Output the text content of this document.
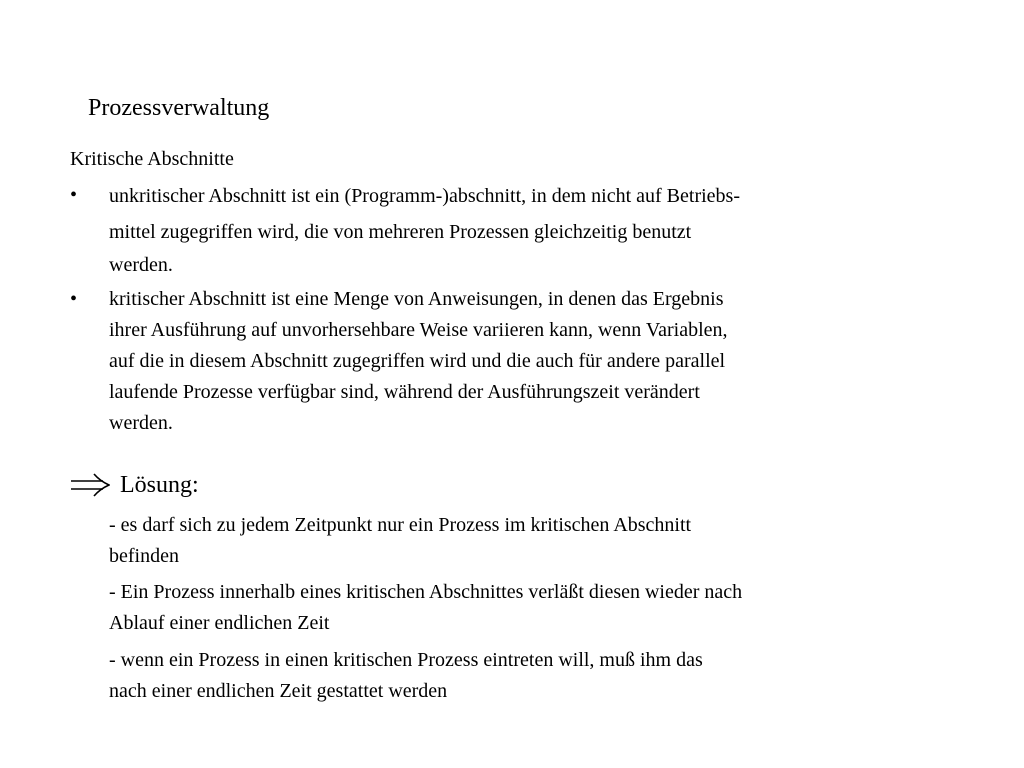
Prozessverwaltung
Kritische Abschnitte
•	unkritischer Abschnitt ist ein (Programm-)abschnitt, in dem nicht auf Betriebs-
mittel zugegriffen wird, die von mehreren Prozessen gleichzeitig benutzt
werden.
•	kritischer Abschnitt ist eine Menge von Anweisungen, in denen das Ergebnis
ihrer Ausführung auf unvorhersehbare Weise variieren kann, wenn Variablen,
auf die in diesem Abschnitt zugegriffen wird und die auch für andere parallel
laufende Prozesse verfügbar sind, während der Ausführungszeit verändert
werden.
Lösung:
- es darf sich zu jedem Zeitpunkt nur ein Prozess im kritischen Abschnitt
befinden
- Ein Prozess innerhalb eines kritischen Abschnittes verläßt diesen wieder nach
Ablauf einer endlichen Zeit
- wenn ein Prozess in einen kritischen Prozess eintreten will, muß ihm das
nach einer endlichen Zeit gestattet werden
